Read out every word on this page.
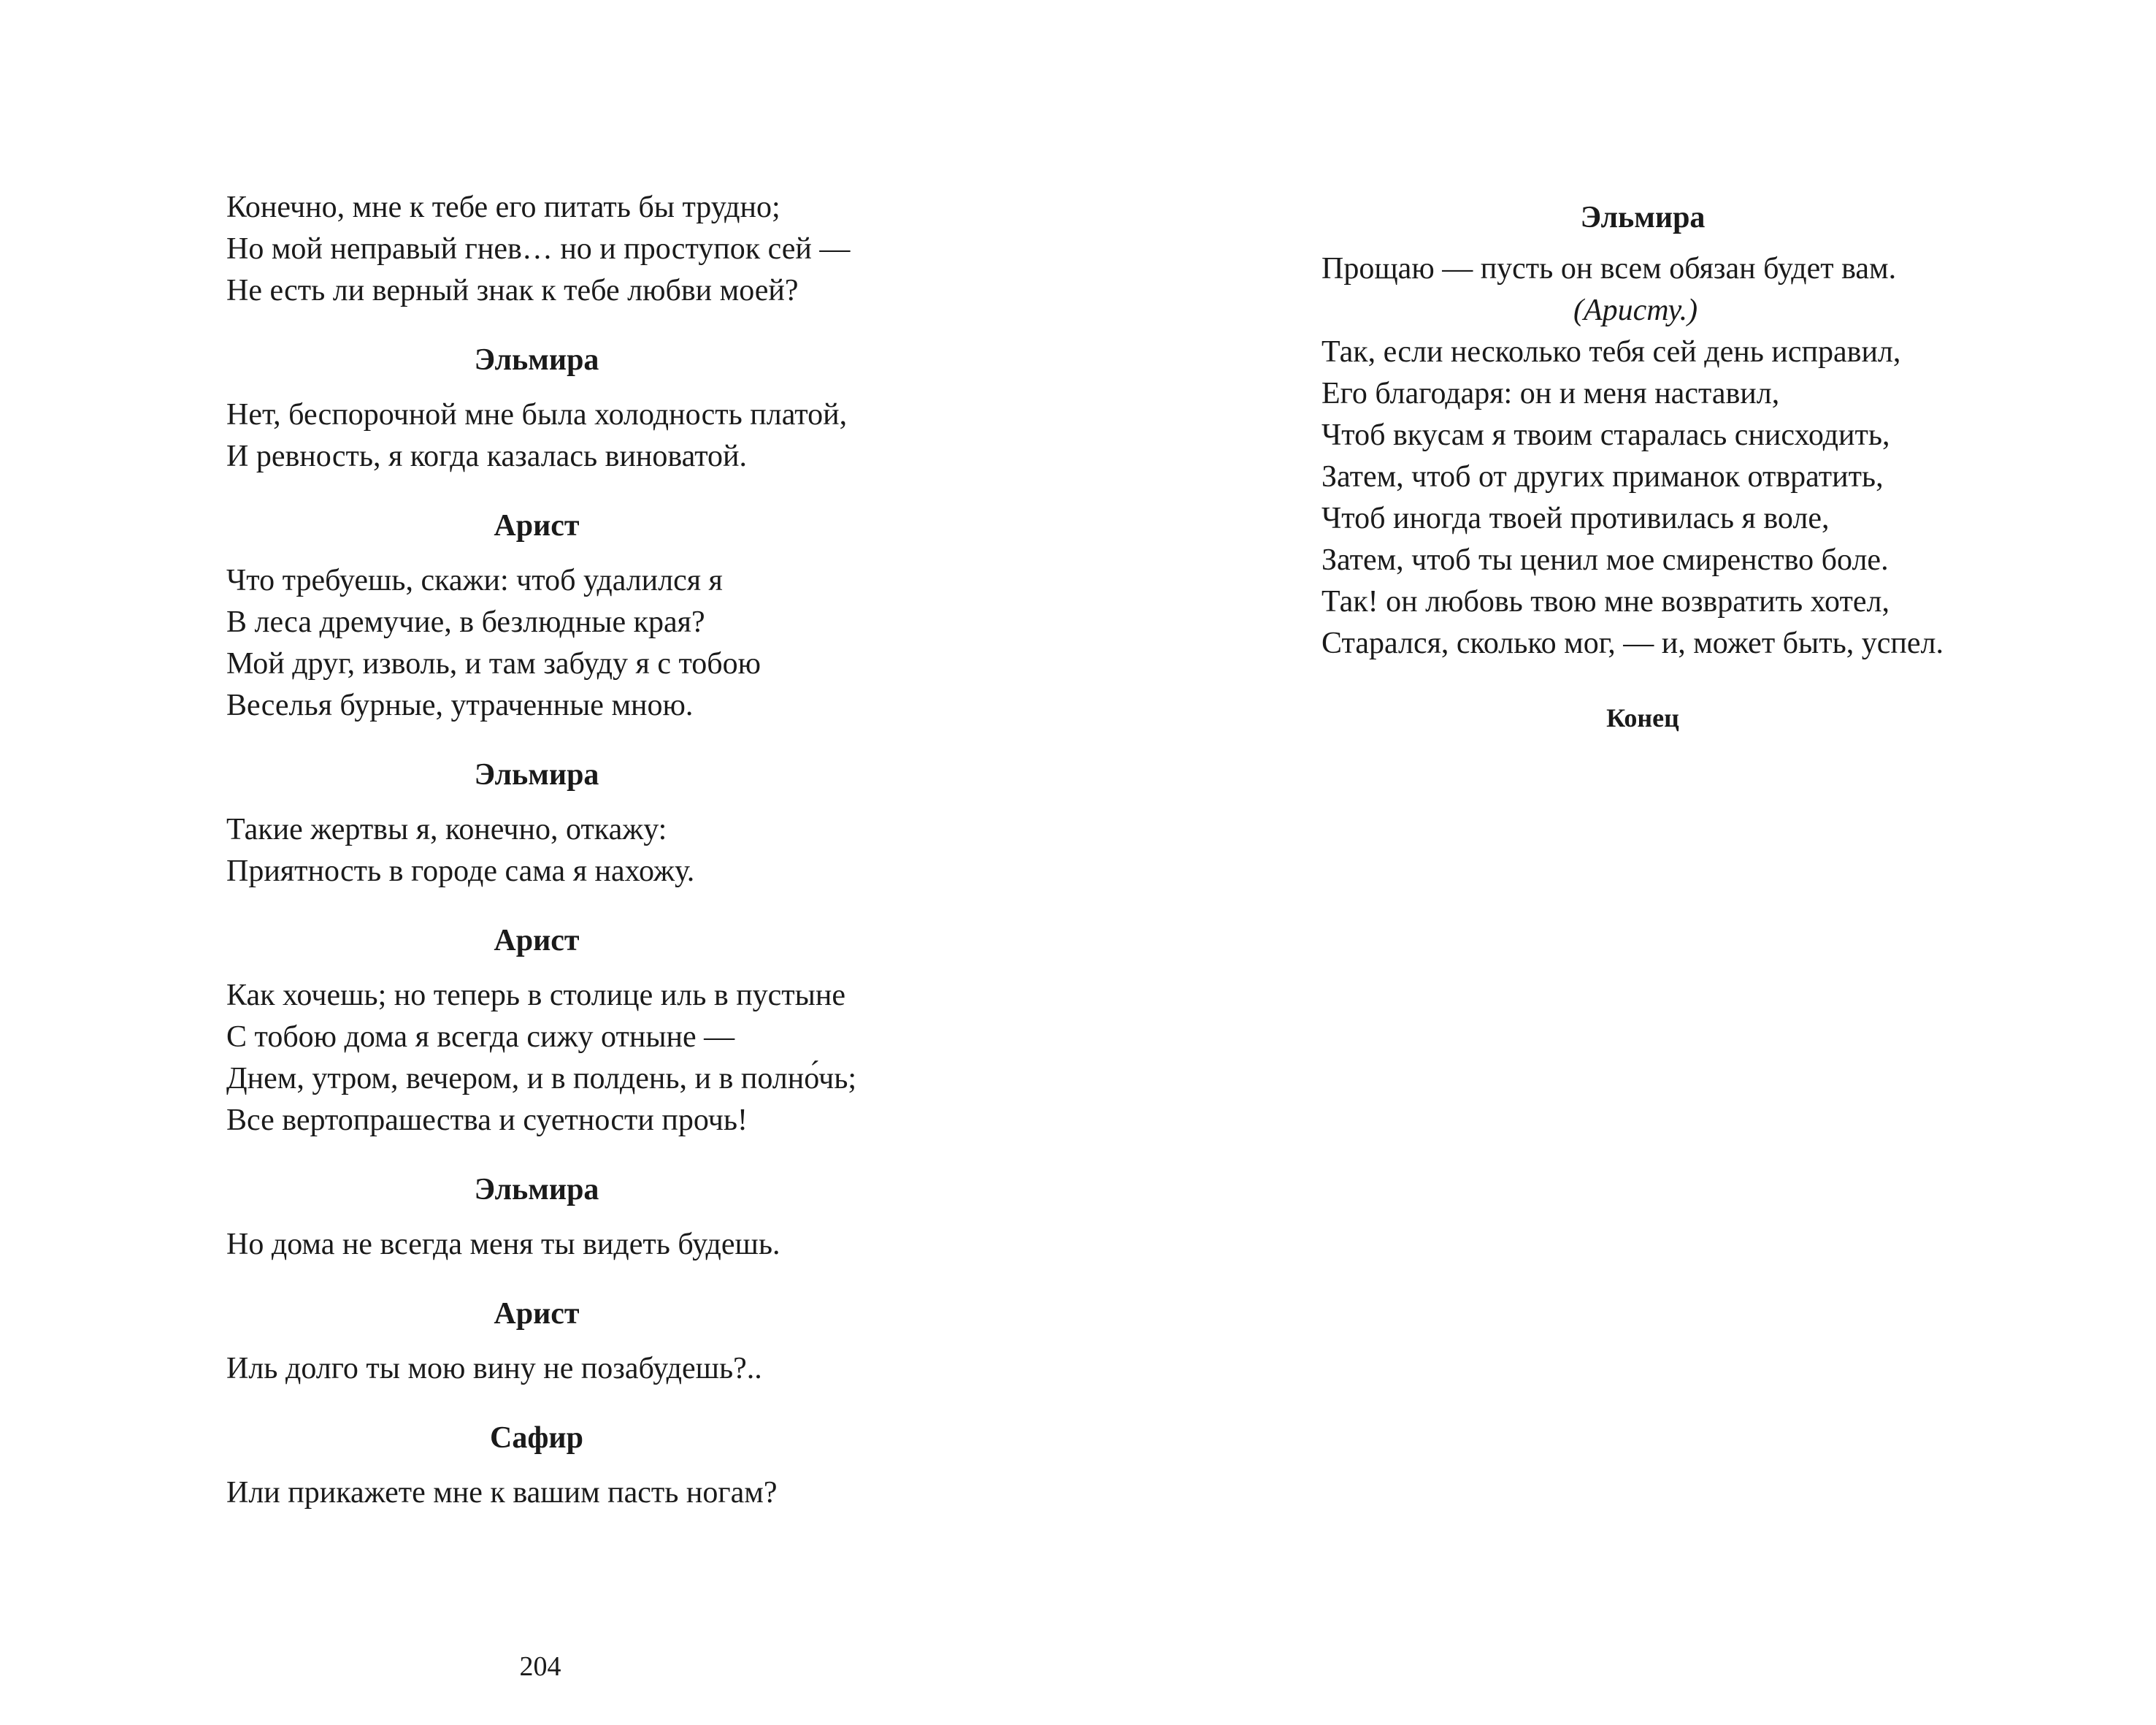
Конечно, мне к тебе его питать бы трудно;

Но мой неправый гнев… но и проступок сей —

Не есть ли верный знак к тебе любви моей?

Эльмира

Нет, беспорочной мне была холодность платой,

И ревность, я когда казалась виноватой.

Арист

Что требуешь, скажи: чтоб удалился я

В леса дремучие, в безлюдные края?

Мой друг, изволь, и там забуду я с тобою

Веселья бурные, утраченные мною.

Эльмира

Такие жертвы я, конечно, откажу:

Приятность в городе сама я нахожу.

Арист

Как хочешь; но теперь в столице иль в пустыне

С тобою дома я всегда сижу отныне —

Днем, утром, вечером, и в полдень, и в полно́чь;

Все вертопрашества и суетности прочь!

Эльмира

Но дома не всегда меня ты видеть будешь.

Арист

Иль долго ты мою вину не позабудешь?..

Сафир

Или прикажете мне к вашим пасть ногам?

204

Эльмира

Прощаю — пусть он всем обязан будет вам.

(Аристу.)

Так, если несколько тебя сей день исправил,

Его благодаря: он и меня наставил,

Чтоб вкусам я твоим старалась снисходить,

Затем, чтоб от других приманок отвратить,

Чтоб иногда твоей противилась я воле,

Затем, чтоб ты ценил мое смиренство боле.

Так! он любовь твою мне возвратить хотел,

Старался, сколько мог, — и, может быть, успел.

Конец
